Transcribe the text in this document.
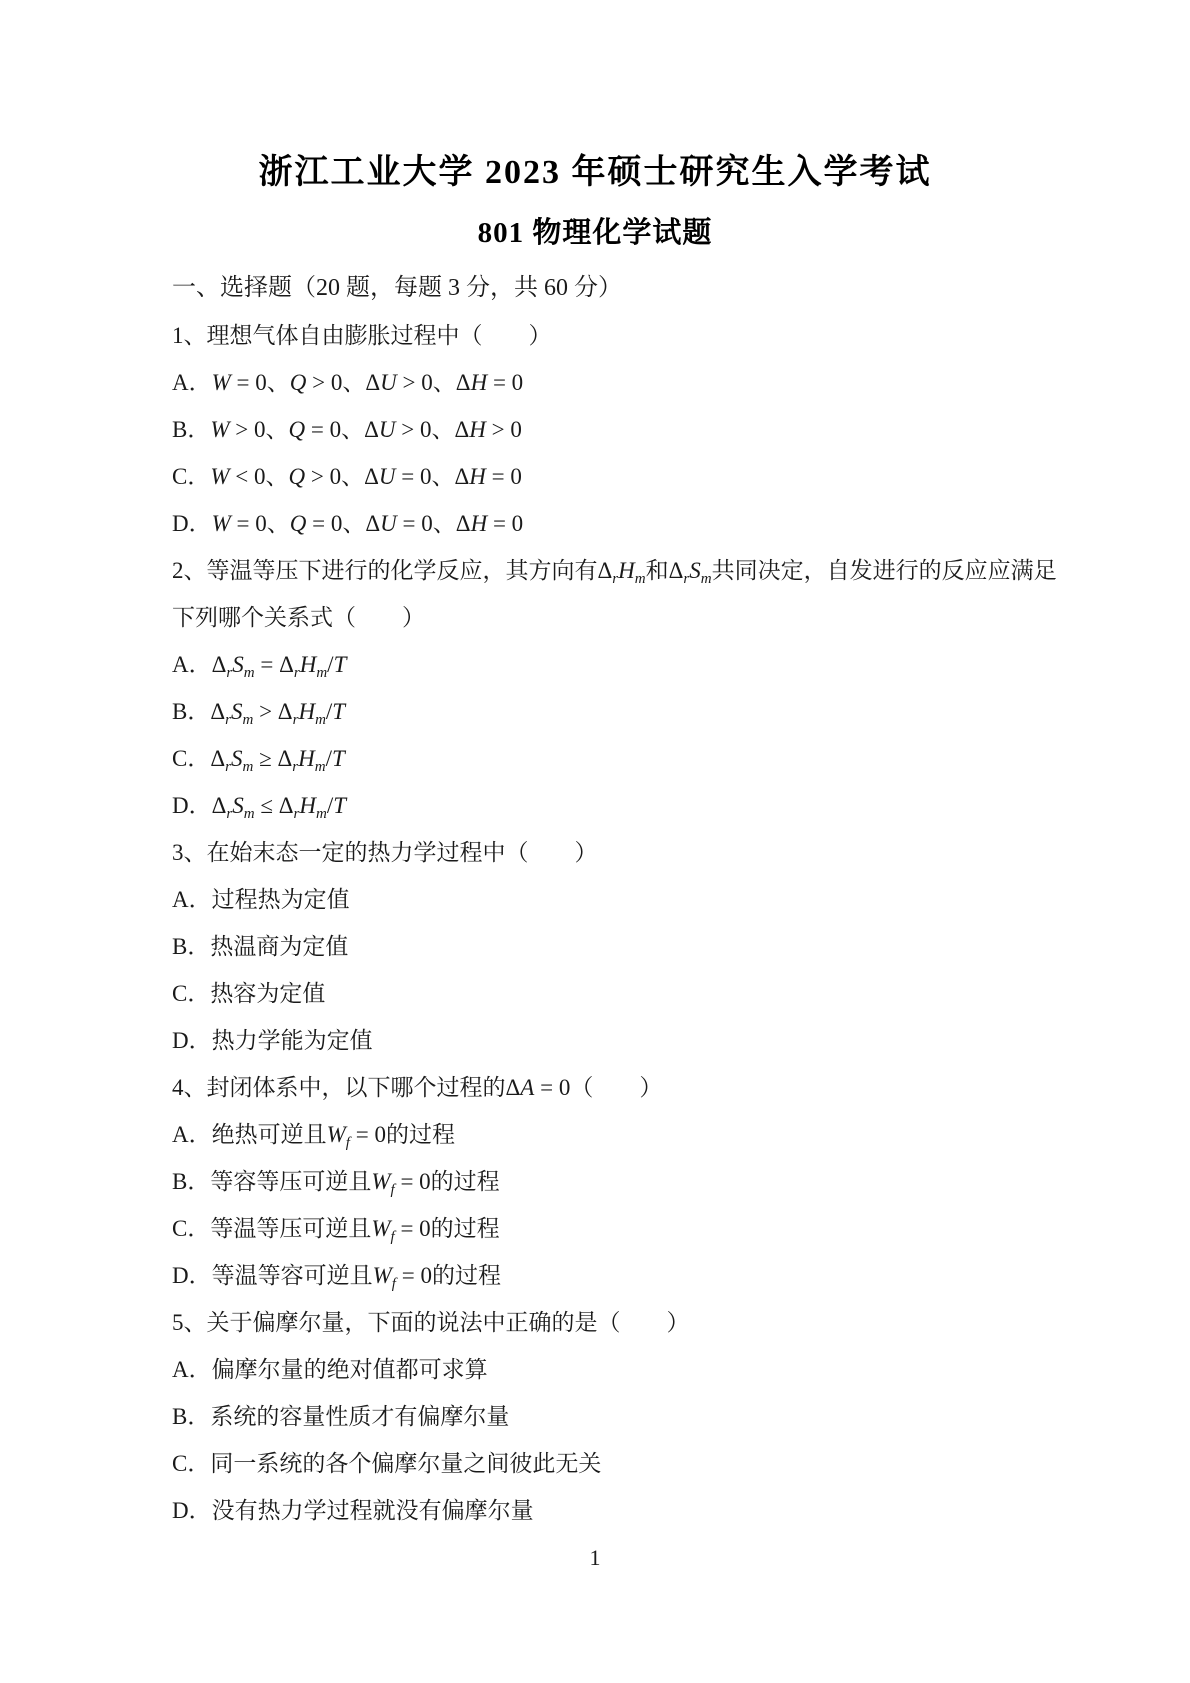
浙江工业大学 2023 年硕士研究生入学考试
801 物理化学试题
一、选择题（20 题，每题 3 分，共 60 分）
1、理想气体自由膨胀过程中（　　）
A．W = 0、Q > 0、ΔU > 0、ΔH = 0
B．W > 0、Q = 0、ΔU > 0、ΔH > 0
C．W < 0、Q > 0、ΔU = 0、ΔH = 0
D．W = 0、Q = 0、ΔU = 0、ΔH = 0
2、等温等压下进行的化学反应，其方向有$\Delta_rH_m$和$\Delta_rS_m$共同决定，自发进行的反应应满足
下列哪个关系式（　　）
A．$\Delta_rS_m = \Delta_rH_m/T$
B．$\Delta_rS_m > \Delta_rH_m/T$
C．$\Delta_rS_m \ge \Delta_rH_m/T$
D．$\Delta_rS_m \le \Delta_rH_m/T$
3、在始末态一定的热力学过程中（　　）
A．过程热为定值
B．热温商为定值
C．热容为定值
D．热力学能为定值
4、封闭体系中，以下哪个过程的ΔA = 0（　　）
A．绝热可逆且$W_f = 0$的过程
B．等容等压可逆且$W_f = 0$的过程
C．等温等压可逆且$W_f = 0$的过程
D．等温等容可逆且$W_f = 0$的过程
5、关于偏摩尔量，下面的说法中正确的是（　　）
A．偏摩尔量的绝对值都可求算
B．系统的容量性质才有偏摩尔量
C．同一系统的各个偏摩尔量之间彼此无关
D．没有热力学过程就没有偏摩尔量
1
